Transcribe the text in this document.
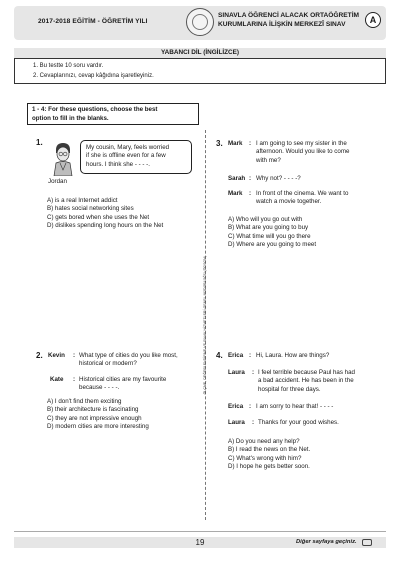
2017-2018 EĞİTİM - ÖĞRETİM YILI
SINAVLA ÖĞRENCİ ALACAK ORTAÖĞRETİM
KURUMLARINA İLİŞKİN MERKEZÎ SINAV	A
YABANCI DİL (İNGİLİZCE)
1. Bu testte 10 soru vardır.
2. Cevaplarınızı, cevap kâğıdına işaretleyiniz.
1 - 4: For these questions, choose the best
option to fill in the blanks.
ÖLÇME, DEĞERLENDİRME VE SINAV HİZMETLERİ GENEL MÜDÜRLÜĞÜ (ÖDSGM)
1.
Jordan
My cousin, Mary, feels worried
if she is offline even for a few
hours. I think she - - - -.
A) is a real Internet addict
B) hates social networking sites
C) gets bored when she uses the Net
D) dislikes spending long hours on the Net
2. Kevin : What type of cities do you like most,
historical or modern?
Kate : Historical cities are my favourite
because - - - -.
A) I don't find them exciting
B) their architecture is fascinating
C) they are not impressive enough
D) modern cities are more interesting
3. Mark : I am going to see my sister in the
afternoon. Would you like to come
with me?
Sarah : Why not? - - - -?
Mark : In front of the cinema. We want to
watch a movie together.
A) Who will you go out with
B) What are you going to buy
C) What time will you go there
D) Where are you going to meet
4. Erica : Hi, Laura. How are things?
Laura : I feel terrible because Paul has had
a bad accident. He has been in the
hospital for three days.
Erica : I am sorry to hear that! - - - -
Laura : Thanks for your good wishes.
A) Do you need any help?
B) I read the news on the Net.
C) What's wrong with him?
D) I hope he gets better soon.
19	Diğer sayfaya geçiniz.
